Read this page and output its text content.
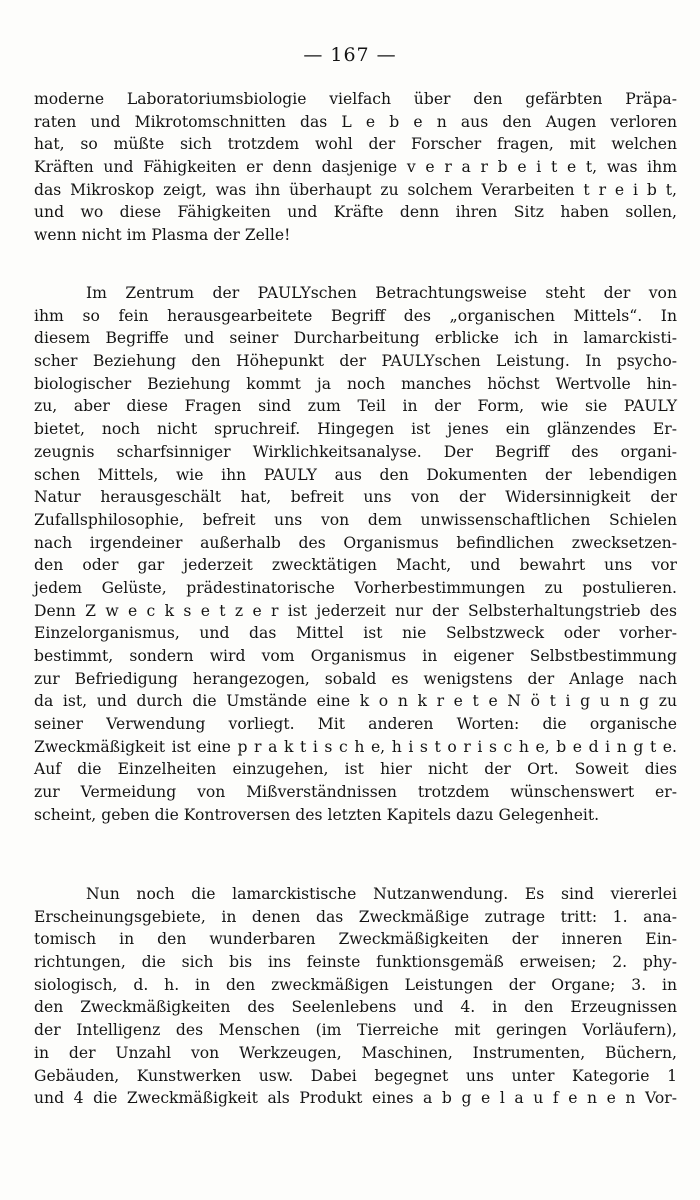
— 167 —
moderne Laboratoriumsbiologie vielfach über den gefärbten Präpa-
raten und Mikrotomschnitten das L e b e n aus den Augen verloren
hat, so müßte sich trotzdem wohl der Forscher fragen, mit welchen
Kräften und Fähigkeiten er denn dasjenige v e r a r b e i t e t, was ihm
das Mikroskop zeigt, was ihn überhaupt zu solchem Verarbeiten t r e i b t,
und wo diese Fähigkeiten und Kräfte denn ihren Sitz haben sollen,
wenn nicht im Plasma der Zelle!
Im Zentrum der PAULYschen Betrachtungsweise steht der von
ihm so fein herausgearbeitete Begriff des „organischen Mittels“. In
diesem Begriffe und seiner Durcharbeitung erblicke ich in lamarckisti-
scher Beziehung den Höhepunkt der PAULYschen Leistung. In psycho-
biologischer Beziehung kommt ja noch manches höchst Wertvolle hin-
zu, aber diese Fragen sind zum Teil in der Form, wie sie PAULY
bietet, noch nicht spruchreif. Hingegen ist jenes ein glänzendes Er-
zeugnis scharfsinniger Wirklichkeitsanalyse. Der Begriff des organi-
schen Mittels, wie ihn PAULY aus den Dokumenten der lebendigen
Natur herausgeschält hat, befreit uns von der Widersinnigkeit der
Zufallsphilosophie, befreit uns von dem unwissenschaftlichen Schielen
nach irgendeiner außerhalb des Organismus befindlichen zwecksetzen-
den oder gar jederzeit zwecktätigen Macht, und bewahrt uns vor
jedem Gelüste, prädestinatorische Vorherbestimmungen zu postulieren.
Denn Z w e c k s e t z e r ist jederzeit nur der Selbsterhaltungstrieb des
Einzelorganismus, und das Mittel ist nie Selbstzweck oder vorher-
bestimmt, sondern wird vom Organismus in eigener Selbstbestimmung
zur Befriedigung herangezogen, sobald es wenigstens der Anlage nach
da ist, und durch die Umstände eine k o n k r e t e N ö t i g u n g zu
seiner Verwendung vorliegt. Mit anderen Worten: die organische
Zweckmäßigkeit ist eine p r a k t i s c h e, h i s t o r i s c h e, b e d i n g t e.
Auf die Einzelheiten einzugehen, ist hier nicht der Ort. Soweit dies
zur Vermeidung von Mißverständnissen trotzdem wünschenswert er-
scheint, geben die Kontroversen des letzten Kapitels dazu Gelegenheit.
Nun noch die lamarckistische Nutzanwendung. Es sind viererlei
Erscheinungsgebiete, in denen das Zweckmäßige zutrage tritt: 1. ana-
tomisch in den wunderbaren Zweckmäßigkeiten der inneren Ein-
richtungen, die sich bis ins feinste funktionsgemäß erweisen; 2. phy-
siologisch, d. h. in den zweckmäßigen Leistungen der Organe; 3. in
den Zweckmäßigkeiten des Seelenlebens und 4. in den Erzeugnissen
der Intelligenz des Menschen (im Tierreiche mit geringen Vorläufern),
in der Unzahl von Werkzeugen, Maschinen, Instrumenten, Büchern,
Gebäuden, Kunstwerken usw. Dabei begegnet uns unter Kategorie 1
und 4 die Zweckmäßigkeit als Produkt eines a b g e l a u f e n e n Vor-
